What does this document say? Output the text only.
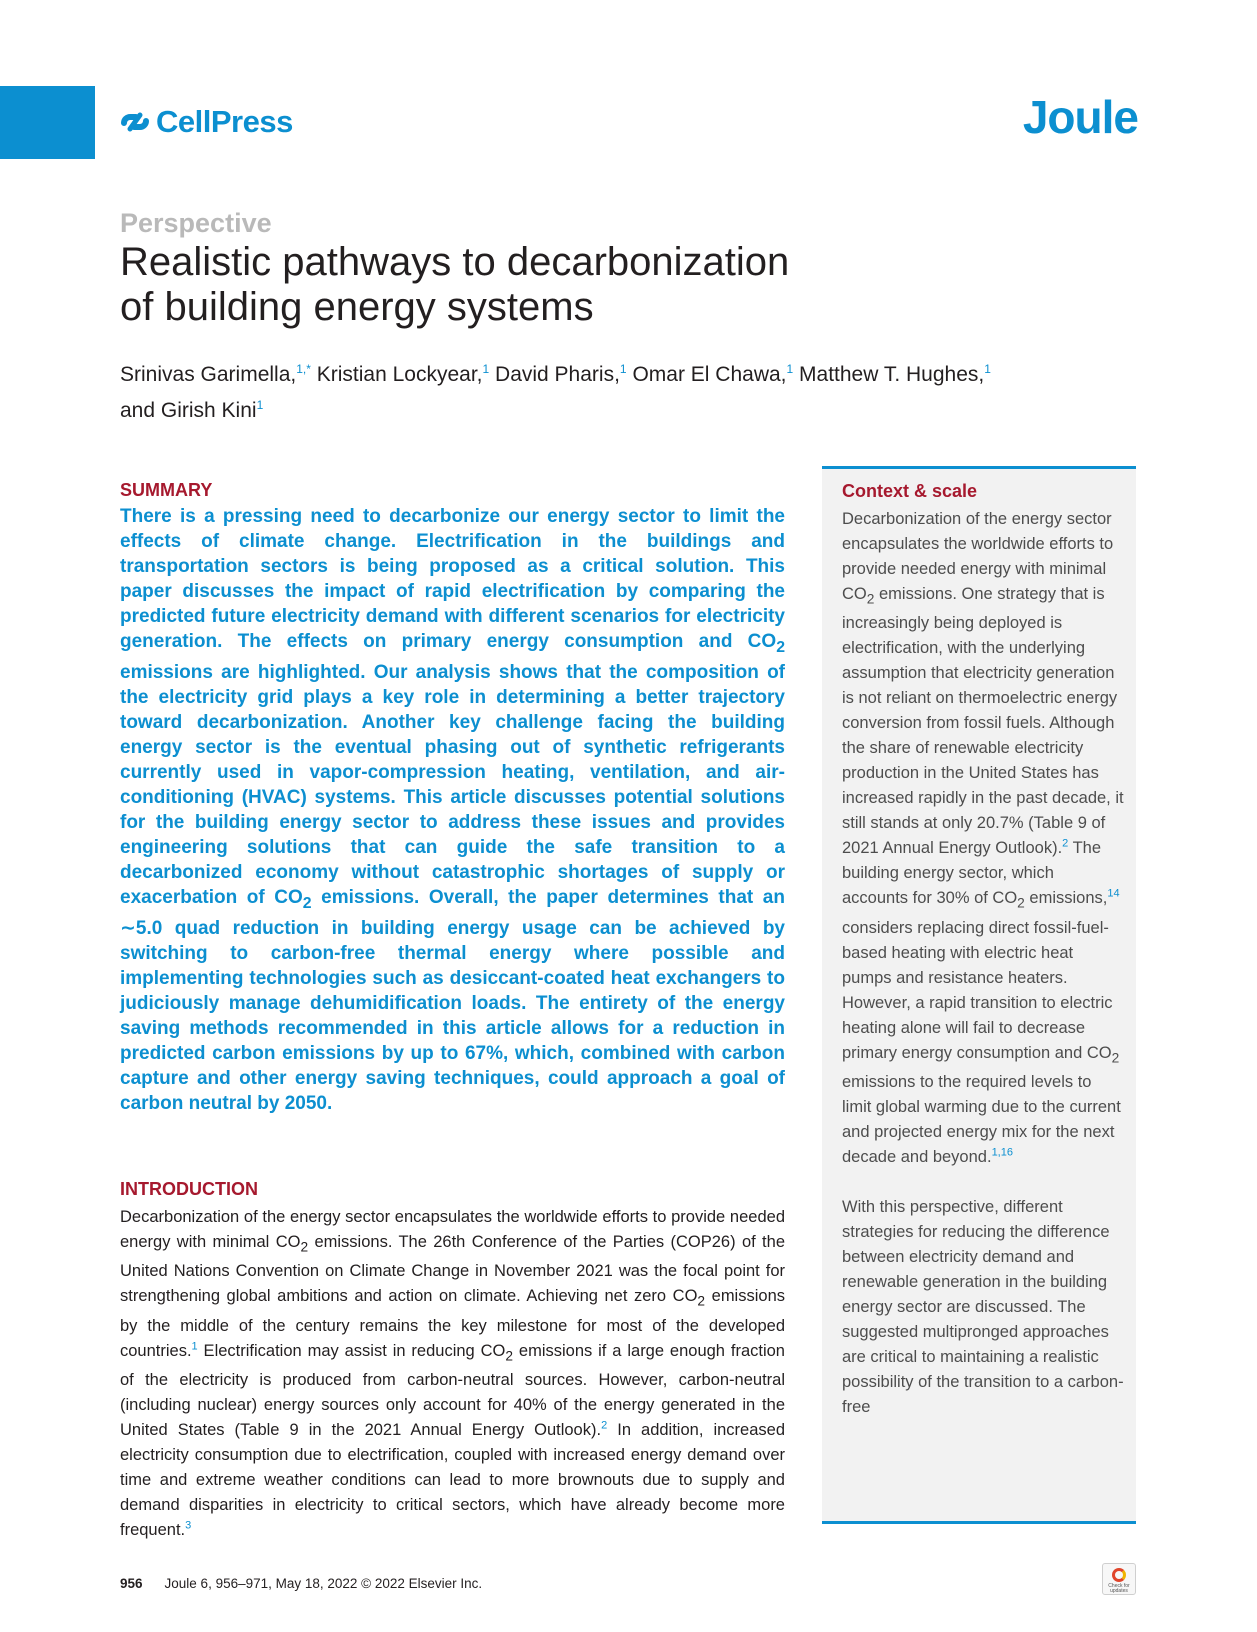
CellPress	Joule
Perspective
Realistic pathways to decarbonization
of building energy systems
Srinivas Garimella,$^{1,*}$ Kristian Lockyear,$^1$ David Pharis,$^1$ Omar El Chawa,$^1$ Matthew T. Hughes,$^1$
and Girish Kini$^1$
SUMMARY
There is a pressing need to decarbonize our energy sector to limit the effects of climate change. Electrification in the buildings and transportation sectors is being proposed as a critical solution. This paper discusses the impact of rapid electrification by comparing the predicted future electricity demand with different scenarios for electricity generation. The effects on primary energy consumption and $CO_2$ emissions are highlighted. Our analysis shows that the composition of the electricity grid plays a key role in determining a better trajectory toward decarbonization. Another key challenge facing the building energy sector is the eventual phasing out of synthetic refrigerants currently used in vapor-compression heating, ventilation, and air-conditioning (HVAC) systems. This article discusses potential solutions for the building energy sector to address these issues and provides engineering solutions that can guide the safe transition to a decarbonized economy without catastrophic shortages of supply or exacerbation of $CO_2$ emissions. Overall, the paper determines that an ∼5.0 quad reduction in building energy usage can be achieved by switching to carbon-free thermal energy where possible and implementing technologies such as desiccant-coated heat exchangers to judiciously manage dehumidification loads. The entirety of the energy saving methods recommended in this article allows for a reduction in predicted carbon emissions by up to 67%, which, combined with carbon capture and other energy saving techniques, could approach a goal of carbon neutral by 2050.
INTRODUCTION
Decarbonization of the energy sector encapsulates the worldwide efforts to provide needed energy with minimal $CO_2$ emissions. The 26th Conference of the Parties (COP26) of the United Nations Convention on Climate Change in November 2021 was the focal point for strengthening global ambitions and action on climate. Achieving net zero $CO_2$ emissions by the middle of the century remains the key milestone for most of the developed countries.$^1$ Electrification may assist in reducing $CO_2$ emissions if a large enough fraction of the electricity is produced from carbon-neutral sources. However, carbon-neutral (including nuclear) energy sources only account for 40% of the energy generated in the United States (Table 9 in the 2021 Annual Energy Outlook).$^2$ In addition, increased electricity consumption due to electrification, coupled with increased energy demand over time and extreme weather conditions can lead to more brownouts due to supply and demand disparities in electricity to critical sectors, which have already become more frequent.$^3$
Context & scale

Decarbonization of the energy sector encapsulates the worldwide efforts to provide needed energy with minimal $CO_2$ emissions. One strategy that is increasingly being deployed is electrification, with the underlying assumption that electricity generation is not reliant on thermoelectric energy conversion from fossil fuels. Although the share of renewable electricity production in the United States has increased rapidly in the past decade, it still stands at only 20.7% (Table 9 of 2021 Annual Energy Outlook).$^2$ The building energy sector, which accounts for 30% of $CO_2$ emissions,$^{14}$ considers replacing direct fossil-fuel-based heating with electric heat pumps and resistance heaters. However, a rapid transition to electric heating alone will fail to decrease primary energy consumption and $CO_2$ emissions to the required levels to limit global warming due to the current and projected energy mix for the next decade and beyond.$^{1,16}$

With this perspective, different strategies for reducing the difference between electricity demand and renewable generation in the building energy sector are discussed. The suggested multipronged approaches are critical to maintaining a realistic possibility of the transition to a carbon-free

956 Joule 6, 956–971, May 18, 2022 © 2022 Elsevier Inc.	Check for updates
